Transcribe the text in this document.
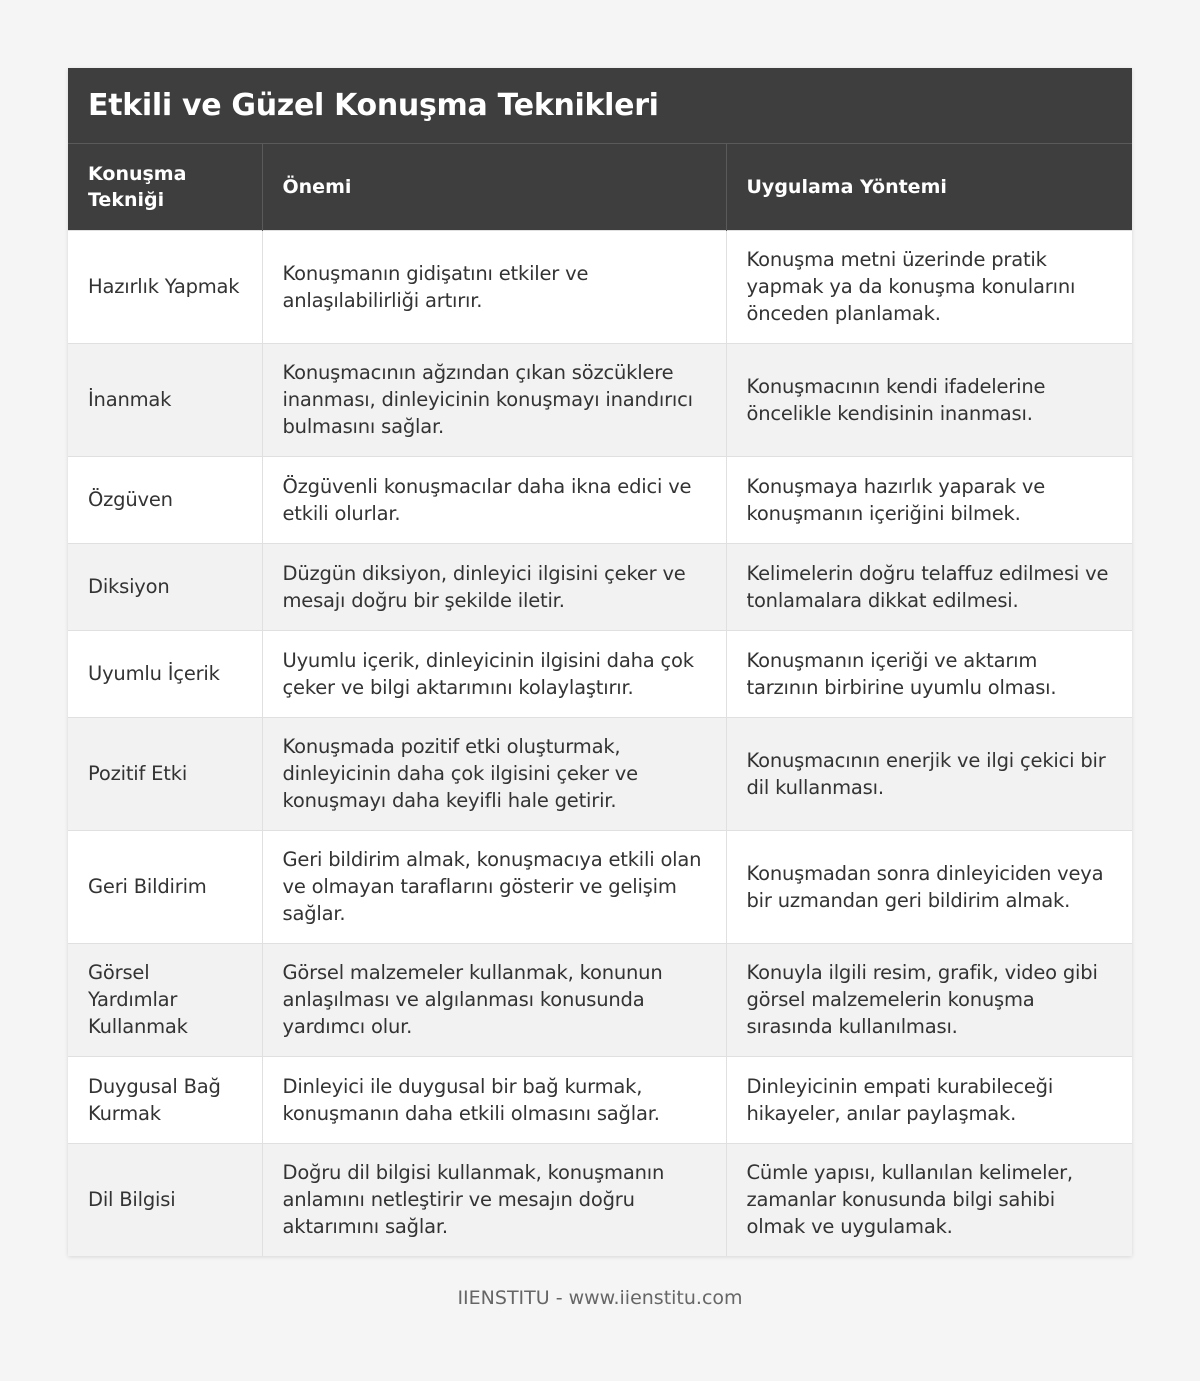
Etkili ve Güzel Konuşma Teknikleri
Konuşma Tekniği	Önemi	Uygulama Yöntemi
Hazırlık Yapmak	Konuşmanın gidişatını etkiler ve anlaşılabilirliği artırır.	Konuşma metni üzerinde pratik yapmak ya da konuşma konularını önceden planlamak.
İnanmak	Konuşmacının ağzından çıkan sözcüklere inanması, dinleyicinin konuşmayı inandırıcı bulmasını sağlar.	Konuşmacının kendi ifadelerine öncelikle kendisinin inanması.
Özgüven	Özgüvenli konuşmacılar daha ikna edici ve etkili olurlar.	Konuşmaya hazırlık yaparak ve konuşmanın içeriğini bilmek.
Diksiyon	Düzgün diksiyon, dinleyici ilgisini çeker ve mesajı doğru bir şekilde iletir.	Kelimelerin doğru telaffuz edilmesi ve tonlamalara dikkat edilmesi.
Uyumlu İçerik	Uyumlu içerik, dinleyicinin ilgisini daha çok çeker ve bilgi aktarımını kolaylaştırır.	Konuşmanın içeriği ve aktarım tarzının birbirine uyumlu olması.
Pozitif Etki	Konuşmada pozitif etki oluşturmak, dinleyicinin daha çok ilgisini çeker ve konuşmayı daha keyifli hale getirir.	Konuşmacının enerjik ve ilgi çekici bir dil kullanması.
Geri Bildirim	Geri bildirim almak, konuşmacıya etkili olan ve olmayan taraflarını gösterir ve gelişim sağlar.	Konuşmadan sonra dinleyiciden veya bir uzmandan geri bildirim almak.
Görsel Yardımlar Kullanmak	Görsel malzemeler kullanmak, konunun anlaşılması ve algılanması konusunda yardımcı olur.	Konuyla ilgili resim, grafik, video gibi görsel malzemelerin konuşma sırasında kullanılması.
Duygusal Bağ Kurmak	Dinleyici ile duygusal bir bağ kurmak, konuşmanın daha etkili olmasını sağlar.	Dinleyicinin empati kurabileceği hikayeler, anılar paylaşmak.
Dil Bilgisi	Doğru dil bilgisi kullanmak, konuşmanın anlamını netleştirir ve mesajın doğru aktarımını sağlar.	Cümle yapısı, kullanılan kelimeler, zamanlar konusunda bilgi sahibi olmak ve uygulamak.
IIENSTITU - www.iienstitu.com
